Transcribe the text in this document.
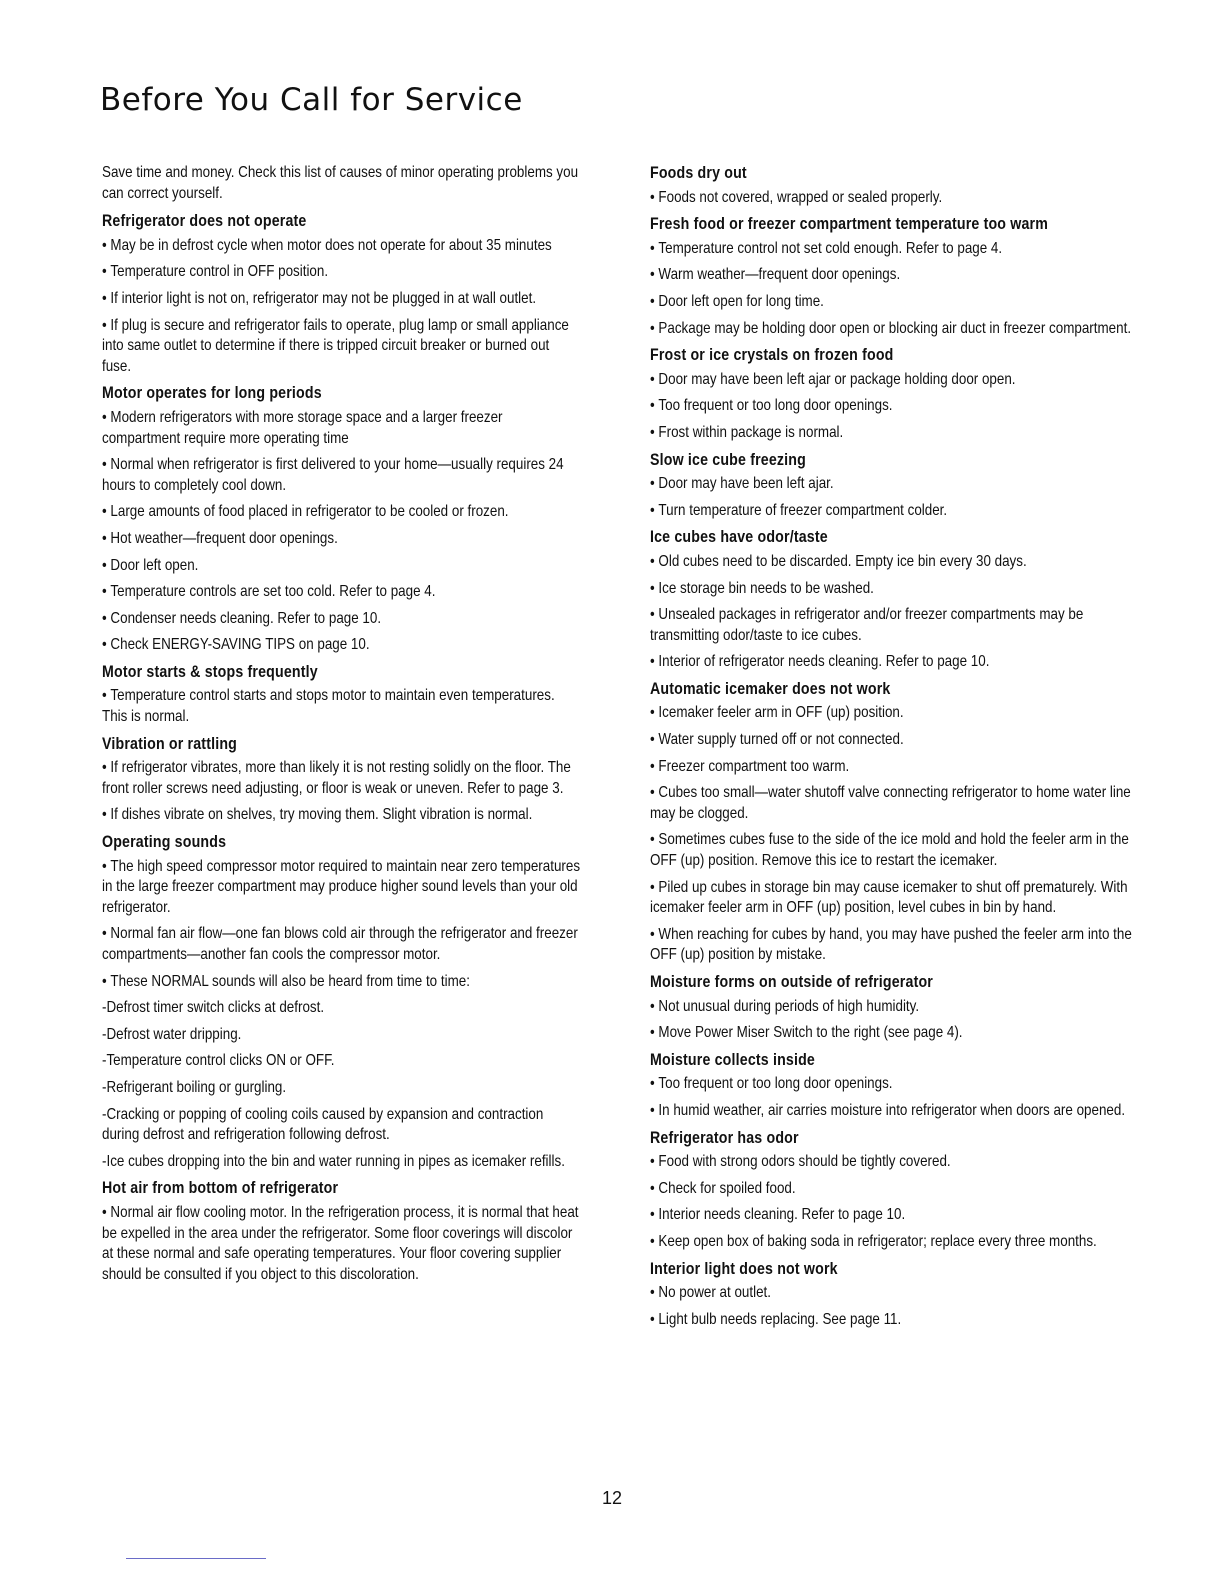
Before You Call for Service

Save time and money. Check this list of causes of minor operating problems you can correct yourself.

Refrigerator does not operate
• May be in defrost cycle when motor does not operate for about 35 minutes
• Temperature control in OFF position.
• If interior light is not on, refrigerator may not be plugged in at wall outlet.
• If plug is secure and refrigerator fails to operate, plug lamp or small appliance into same outlet to determine if there is tripped circuit breaker or burned out fuse.
Motor operates for long periods
• Modern refrigerators with more storage space and a larger freezer compartment require more operating time
• Normal when refrigerator is first delivered to your home—usually requires 24 hours to completely cool down.
• Large amounts of food placed in refrigerator to be cooled or frozen.
• Hot weather—frequent door openings.
• Door left open.
• Temperature controls are set too cold. Refer to page 4.
• Condenser needs cleaning. Refer to page 10.
• Check ENERGY-SAVING TIPS on page 10.
Motor starts & stops frequently
• Temperature control starts and stops motor to maintain even temperatures. This is normal.
Vibration or rattling
• If refrigerator vibrates, more than likely it is not resting solidly on the floor. The front roller screws need adjusting, or floor is weak or uneven. Refer to page 3.
• If dishes vibrate on shelves, try moving them. Slight vibration is normal.
Operating sounds
• The high speed compressor motor required to maintain near zero temperatures in the large freezer compartment may produce higher sound levels than your old refrigerator.
• Normal fan air flow—one fan blows cold air through the refrigerator and freezer compartments—another fan cools the compressor motor.
• These NORMAL sounds will also be heard from time to time:
-Defrost timer switch clicks at defrost.
-Defrost water dripping.
-Temperature control clicks ON or OFF.
-Refrigerant boiling or gurgling.
-Cracking or popping of cooling coils caused by expansion and contraction during defrost and refrigeration following defrost.
-Ice cubes dropping into the bin and water running in pipes as icemaker refills.
Hot air from bottom of refrigerator
• Normal air flow cooling motor. In the refrigeration process, it is normal that heat be expelled in the area under the refrigerator. Some floor coverings will discolor at these normal and safe operating temperatures. Your floor covering supplier should be consulted if you object to this discoloration.
Foods dry out
• Foods not covered, wrapped or sealed properly.
Fresh food or freezer compartment temperature too warm
• Temperature control not set cold enough. Refer to page 4.
• Warm weather—frequent door openings.
• Door left open for long time.
• Package may be holding door open or blocking air duct in freezer compartment.
Frost or ice crystals on frozen food
• Door may have been left ajar or package holding door open.
• Too frequent or too long door openings.
• Frost within package is normal.
Slow ice cube freezing
• Door may have been left ajar.
• Turn temperature of freezer compartment colder.
Ice cubes have odor/taste
• Old cubes need to be discarded. Empty ice bin every 30 days.
• Ice storage bin needs to be washed.
• Unsealed packages in refrigerator and/or freezer compartments may be transmitting odor/taste to ice cubes.
• Interior of refrigerator needs cleaning. Refer to page 10.
Automatic icemaker does not work
• Icemaker feeler arm in OFF (up) position.
• Water supply turned off or not connected.
• Freezer compartment too warm.
• Cubes too small—water shutoff valve connecting refrigerator to home water line may be clogged.
• Sometimes cubes fuse to the side of the ice mold and hold the feeler arm in the OFF (up) position. Remove this ice to restart the icemaker.
• Piled up cubes in storage bin may cause icemaker to shut off prematurely. With icemaker feeler arm in OFF (up) position, level cubes in bin by hand.
• When reaching for cubes by hand, you may have pushed the feeler arm into the OFF (up) position by mistake.
Moisture forms on outside of refrigerator
• Not unusual during periods of high humidity.
• Move Power Miser Switch to the right (see page 4).
Moisture collects inside
• Too frequent or too long door openings.
• In humid weather, air carries moisture into refrigerator when doors are opened.
Refrigerator has odor
• Food with strong odors should be tightly covered.
• Check for spoiled food.
• Interior needs cleaning. Refer to page 10.
• Keep open box of baking soda in refrigerator; replace every three months.
Interior light does not work
• No power at outlet.
• Light bulb needs replacing. See page 11.
12
